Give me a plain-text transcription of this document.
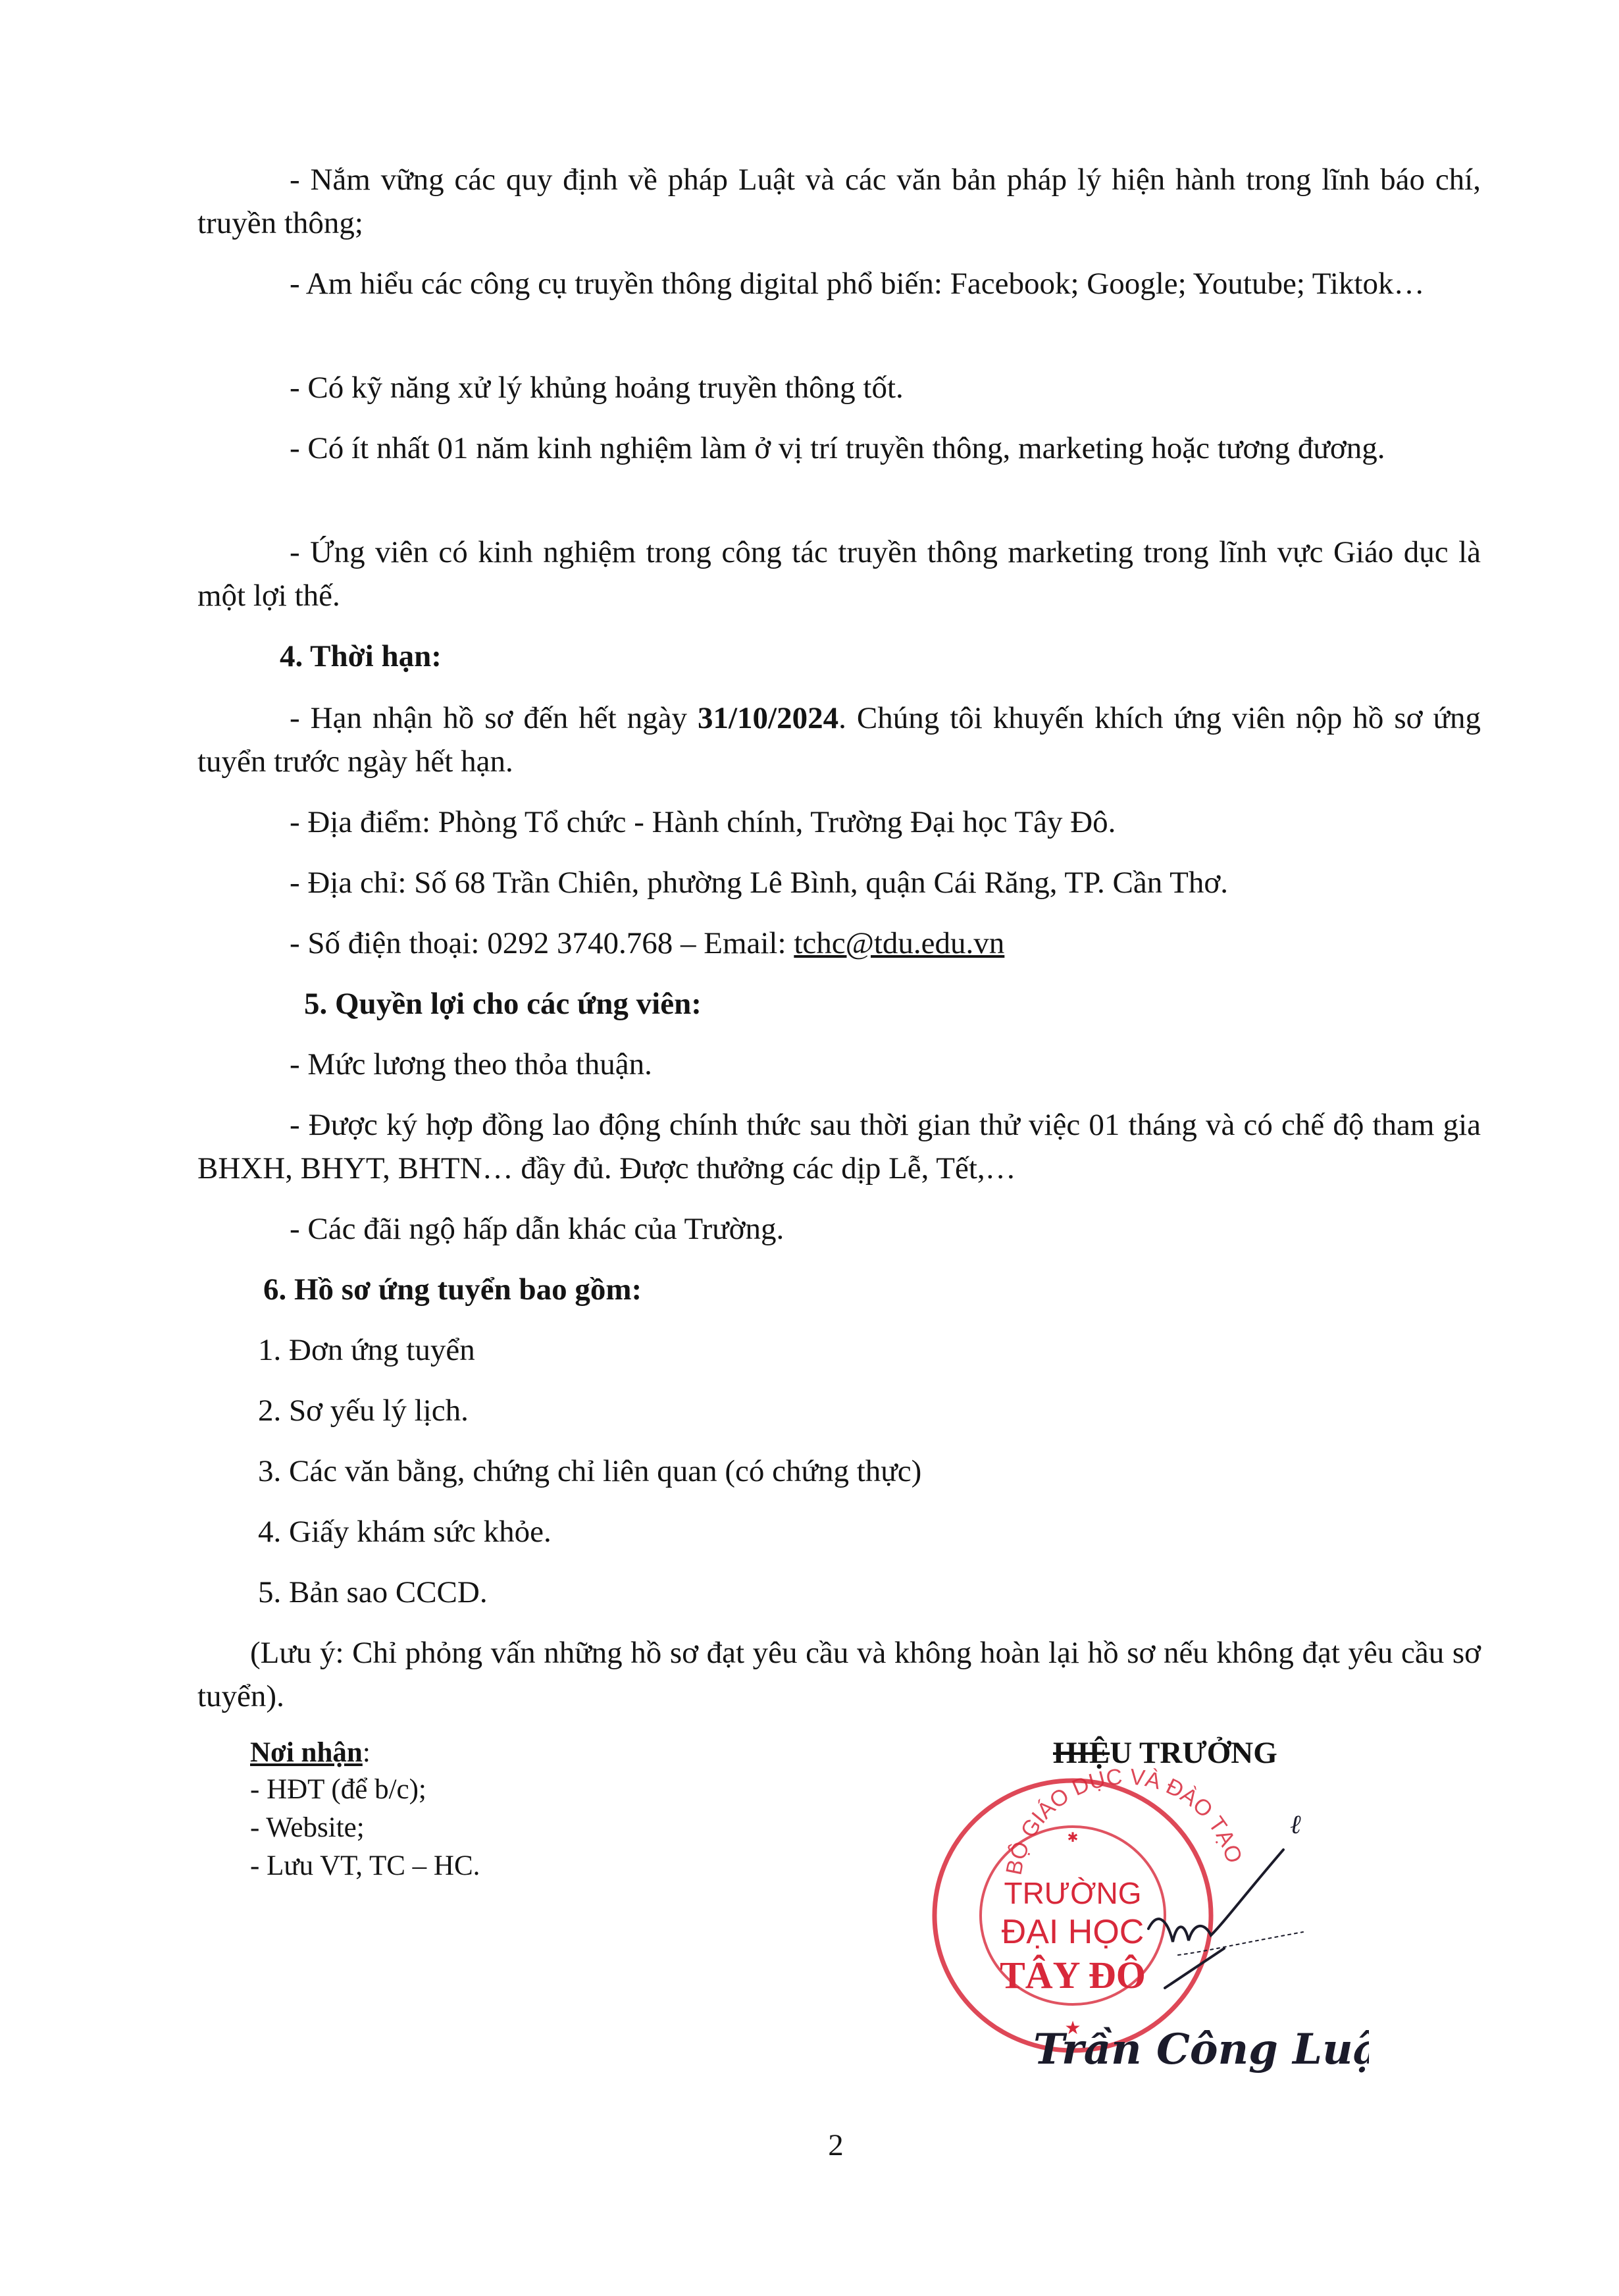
- Nắm vững các quy định về pháp Luật và các văn bản pháp lý hiện hành trong lĩnh báo chí, truyền thông;
- Am hiểu các công cụ truyền thông digital phổ biến: Facebook; Google; Youtube; Tiktok…
- Có kỹ năng xử lý khủng hoảng truyền thông tốt.
- Có ít nhất 01 năm kinh nghiệm làm ở vị trí truyền thông, marketing hoặc tương đương.
- Ứng viên có kinh nghiệm trong công tác truyền thông marketing trong lĩnh vực Giáo dục là một lợi thế.
4. Thời hạn:
- Hạn nhận hồ sơ đến hết ngày 31/10/2024. Chúng tôi khuyến khích ứng viên nộp hồ sơ ứng tuyển trước ngày hết hạn.
- Địa điểm: Phòng Tổ chức - Hành chính, Trường Đại học Tây Đô.
- Địa chỉ: Số 68 Trần Chiên, phường Lê Bình, quận Cái Răng, TP. Cần Thơ.
- Số điện thoại: 0292 3740.768 – Email: tchc@tdu.edu.vn
5. Quyền lợi cho các ứng viên:
- Mức lương theo thỏa thuận.
- Được ký hợp đồng lao động chính thức sau thời gian thử việc 01 tháng và có chế độ tham gia BHXH, BHYT, BHTN… đầy đủ. Được thưởng các dịp Lễ, Tết,…
- Các đãi ngộ hấp dẫn khác của Trường.
6. Hồ sơ ứng tuyển bao gồm:
1. Đơn ứng tuyển
2. Sơ yếu lý lịch.
3. Các văn bằng, chứng chỉ liên quan (có chứng thực)
4. Giấy khám sức khỏe.
5. Bản sao CCCD.
(Lưu ý: Chỉ phỏng vấn những hồ sơ đạt yêu cầu và không hoàn lại hồ sơ nếu không đạt yêu cầu sơ tuyển).
Nơi nhận:
- HĐT (để b/c);
- Website;
- Lưu VT, TC – HC.
HIỆU TRƯỞNG
BỘ GIÁO DỤC VÀ ĐÀO TẠO
✱
TRƯỜNG
ĐẠI HỌC
TÂY ĐÔ
★
ℓ
Trần Công Lu
2
